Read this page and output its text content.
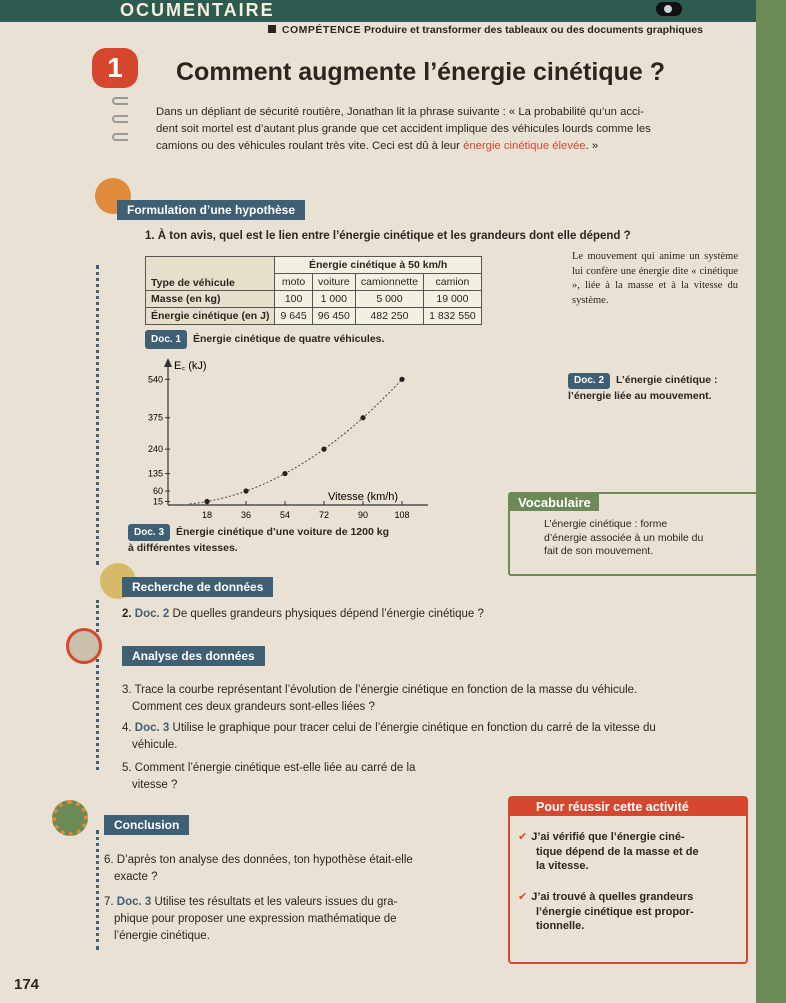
OCUMENTAIRE
COMPÉTENCE Produire et transformer des tableaux ou des documents graphiques
1	Comment augmente l’énergie cinétique ?
Dans un dépliant de sécurité routière, Jonathan lit la phrase suivante : « La probabilité qu’un acci-
dent soit mortel est d’autant plus grande que cet accident implique des véhicules lourds comme les
camions ou des véhicules roulant très vite. Ceci est dû à leur énergie cinétique élevée. »
Formulation d’une hypothèse
1. À ton avis, quel est le lien entre l’énergie cinétique et les grandeurs dont elle dépend ?
Type de véhicule	Énergie cinétique à 50 km/h			
	moto	voiture	camionnette	camion
Masse (en kg)	100	1 000	5 000	19 000
Énergie cinétique (en J)	9 645	96 450	482 250	1 832 550
Doc. 1 Énergie cinétique de quatre véhicules.
Le mouvement qui anime un système lui confère une énergie dite « cinétique », liée à la masse et à la vitesse du système.
Doc. 2 L’énergie cinétique :
l’énergie liée au mouvement.
E꜀ (kJ)
Vitesse (km/h)
18	36	54	72	90	108
15
60
135
240
375
540
Doc. 3 Énergie cinétique d’une voiture de 1200 kg
à différentes vitesses.
Vocabulaire
L’énergie cinétique : forme
d’énergie associée à un mobile du
fait de son mouvement.
Recherche de données
2. Doc. 2 De quelles grandeurs physiques dépend l’énergie cinétique ?
Analyse des données
3. Trace la courbe représentant l’évolution de l’énergie cinétique en fonction de la masse du véhicule.
Comment ces deux grandeurs sont-elles liées ?
4. Doc. 3 Utilise le graphique pour tracer celui de l’énergie cinétique en fonction du carré de la vitesse du
véhicule.
5. Comment l’énergie cinétique est-elle liée au carré de la
vitesse ?
Conclusion
6. D’après ton analyse des données, ton hypothèse était-elle
exacte ?
7. Doc. 3 Utilise tes résultats et les valeurs issues du gra-
phique pour proposer une expression mathématique de
l’énergie cinétique.
Pour réussir cette activité
✔ J’ai vérifié que l’énergie ciné-
tique dépend de la masse et de
la vitesse.
✔ J’ai trouvé à quelles grandeurs
l’énergie cinétique est propor-
tionnelle.
174
